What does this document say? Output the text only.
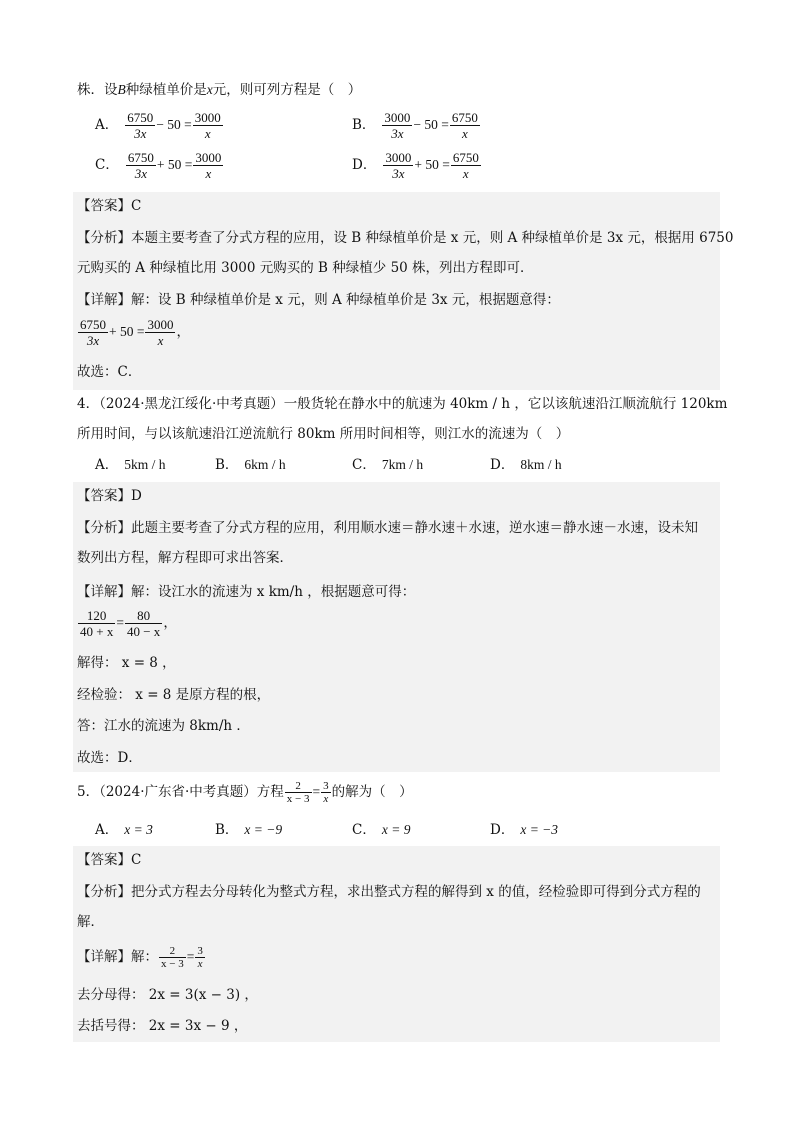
株．设B种绿植单价是x元，则可列方程是（　）
A． $\frac{6750}{3x} - 50 = \frac{3000}{x}$	B． $\frac{3000}{3x} - 50 = \frac{6750}{x}$
C． $\frac{6750}{3x} + 50 = \frac{3000}{x}$	D． $\frac{3000}{3x} + 50 = \frac{6750}{x}$
【答案】C
【分析】本题主要考查了分式方程的应用，设 B 种绿植单价是 x 元，则 A 种绿植单价是 3x 元，根据用 6750
元购买的 A 种绿植比用 3000 元购买的 B 种绿植少 50 株，列出方程即可．
【详解】解：设 B 种绿植单价是 x 元，则 A 种绿植单价是 3x 元，根据题意得：
$\frac{6750}{3x} + 50 = \frac{3000}{x}$ ，
故选：C．
4．（2024·黑龙江绥化·中考真题）一般货轮在静水中的航速为 40km / h ，它以该航速沿江顺流航行 120km
所用时间，与以该航速沿江逆流航行 80km 所用时间相等，则江水的流速为（　）
A． 5km / h	B． 6km / h	C． 7km / h	D． 8km / h
【答案】D
【分析】此题主要考查了分式方程的应用，利用顺水速＝静水速＋水速，逆水速＝静水速－水速，设未知
数列出方程，解方程即可求出答案．
【详解】解：设江水的流速为 x km/h ，根据题意可得：
$\frac{120}{40 + x} = \frac{80}{40 - x}$ ，
解得： x = 8 ，
经检验： x = 8 是原方程的根，
答：江水的流速为 8km/h ．
故选：D．
5．（2024·广东省·中考真题）方程 $\frac{2}{x - 3} = \frac{3}{x}$ 的解为（　）
A． x = 3	B． x = −9	C． x = 9	D． x = −3
【答案】C
【分析】把分式方程去分母转化为整式方程，求出整式方程的解得到 x 的值，经检验即可得到分式方程的
解．
【详解】解： $\frac{2}{x - 3} = \frac{3}{x}$
去分母得： 2x = 3(x − 3) ，
去括号得： 2x = 3x − 9 ，
